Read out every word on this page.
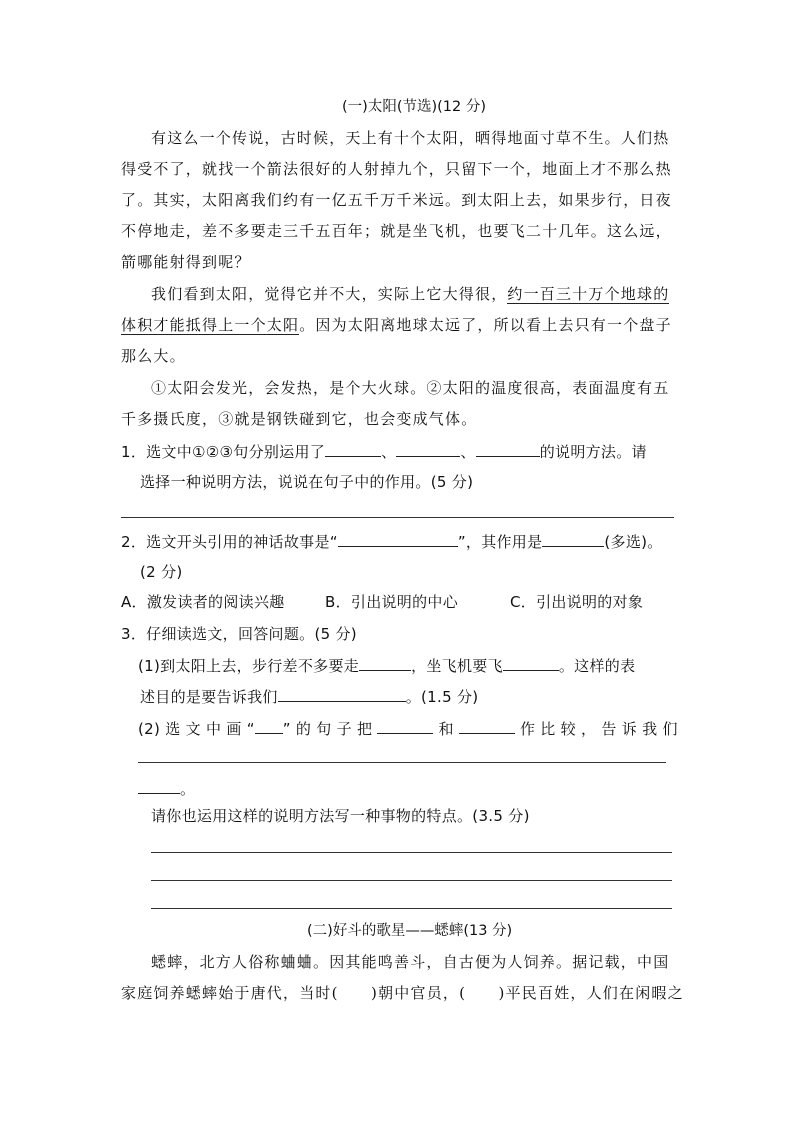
(一)太阳(节选)(12 分)
有这么一个传说，古时候，天上有十个太阳，晒得地面寸草不生。人们热
得受不了，就找一个箭法很好的人射掉九个，只留下一个，地面上才不那么热
了。其实，太阳离我们约有一亿五千万千米远。到太阳上去，如果步行，日夜
不停地走，差不多要走三千五百年；就是坐飞机，也要飞二十几年。这么远，
箭哪能射得到呢？
我们看到太阳，觉得它并不大，实际上它大得很，约一百三十万个地球的
体积才能抵得上一个太阳。因为太阳离地球太远了，所以看上去只有一个盘子
那么大。
①太阳会发光，会发热，是个大火球。②太阳的温度很高，表面温度有五
千多摄氏度，③就是钢铁碰到它，也会变成气体。
1．选文中①②③句分别运用了	、	、	的说明方法。请
选择一种说明方法，说说在句子中的作用。(5 分)
2．选文开头引用的神话故事是“	”，其作用是	(多选)。
(2 分)
A．激发读者的阅读兴趣	B．引出说明的中心	C．引出说明的对象
3．仔细读选文，回答问题。(5 分)
(1)到太阳上去，步行差不多要走	，坐飞机要飞	。这样的表
述目的是要告诉我们	。(1.5 分)
(2) 选 文 中 画 “ ” 的 句 子 把	和	作 比 较 ， 告 诉 我 们
。
请你也运用这样的说明方法写一种事物的特点。(3.5 分)
(二)好斗的歌星——蟋蟀(13 分)
蟋蟀，北方人俗称蛐蛐。因其能鸣善斗，自古便为人饲养。据记载，中国
家庭饲养蟋蟀始于唐代，当时(　　)朝中官员，(　　)平民百姓，人们在闲暇之
